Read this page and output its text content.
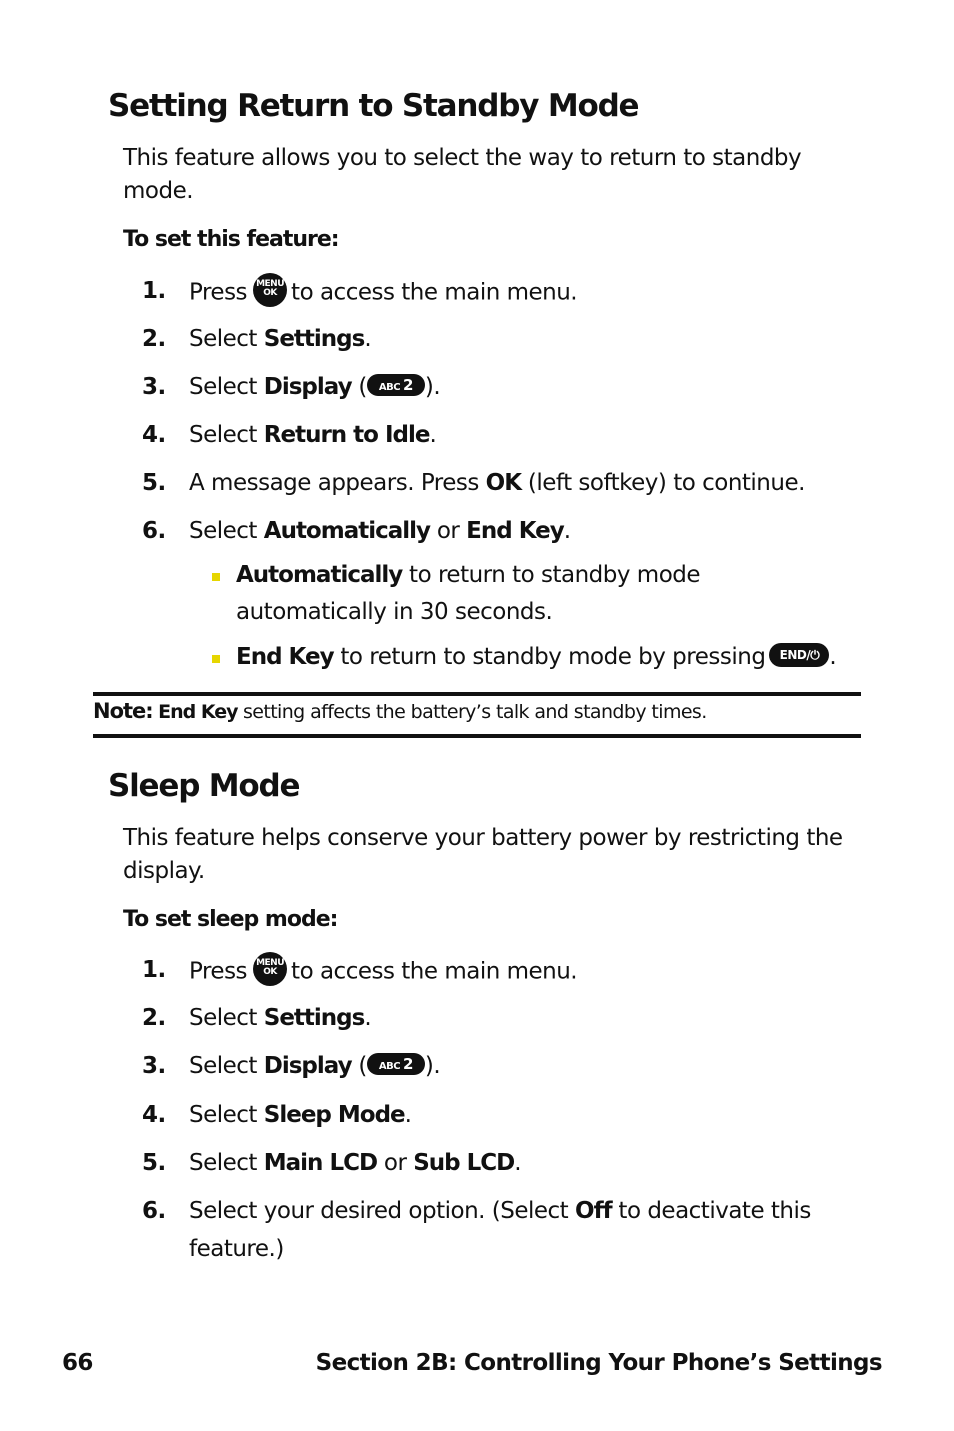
Setting Return to Standby Mode
This feature allows you to select the way to return to standby mode.
To set this feature:
1. Press MENU
OK to access the main menu.
2. Select Settings.
3. Select Display ( ABC 2 ).
4. Select Return to Idle.
5. A message appears. Press OK (left softkey) to continue.
6. Select Automatically or End Key.
Automatically to return to standby mode
automatically in 30 seconds.
End Key to return to standby mode by pressing END/⏻ .
Note: End Key setting affects the battery’s talk and standby times.
Sleep Mode
This feature helps conserve your battery power by restricting the display.
To set sleep mode:
1. Press MENU
OK to access the main menu.
2. Select Settings.
3. Select Display ( ABC 2 ).
4. Select Sleep Mode.
5. Select Main LCD or Sub LCD.
6. Select your desired option. (Select Off to deactivate this
feature.)
66	Section 2B: Controlling Your Phone’s Settings
